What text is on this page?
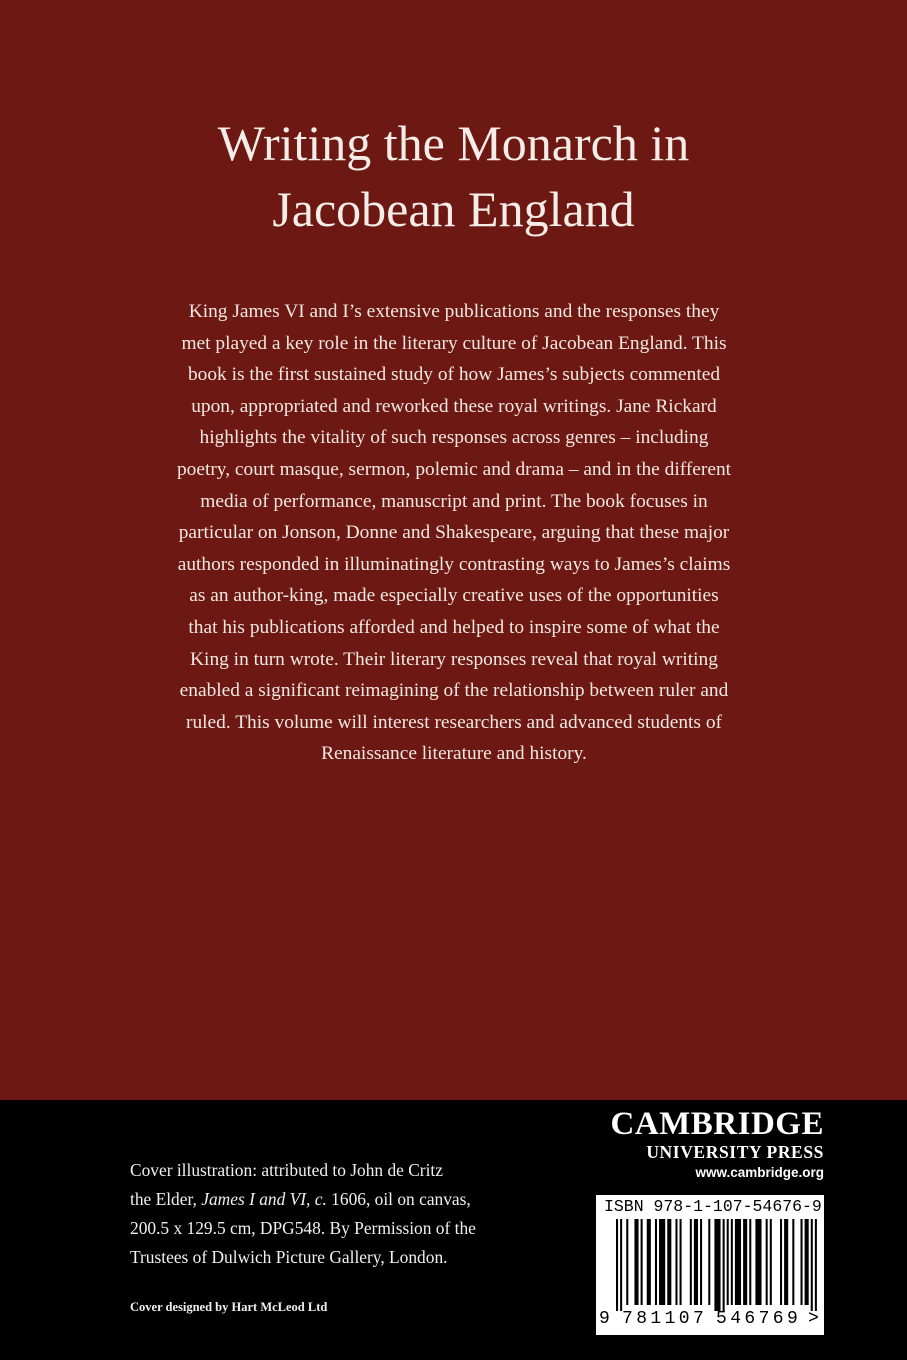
Writing the Monarch in
Jacobean England
King James VI and I’s extensive publications and the responses they
met played a key role in the literary culture of Jacobean England. This
book is the first sustained study of how James’s subjects commented
upon, appropriated and reworked these royal writings. Jane Rickard
highlights the vitality of such responses across genres – including
poetry, court masque, sermon, polemic and drama – and in the different
media of performance, manuscript and print. The book focuses in
particular on Jonson, Donne and Shakespeare, arguing that these major
authors responded in illuminatingly contrasting ways to James’s claims
as an author-king, made especially creative uses of the opportunities
that his publications afforded and helped to inspire some of what the
King in turn wrote. Their literary responses reveal that royal writing
enabled a significant reimagining of the relationship between ruler and
ruled. This volume will interest researchers and advanced students of
Renaissance literature and history.
Cover illustration: attributed to John de Critz
the Elder, James I and VI, c. 1606, oil on canvas,
200.5 x 129.5 cm, DPG548. By Permission of the
Trustees of Dulwich Picture Gallery, London.
Cover designed by Hart McLeod Ltd
CAMBRIDGE
UNIVERSITY PRESS
www.cambridge.org
ISBN 978-1-107-54676-9
9 781107 546769 >
